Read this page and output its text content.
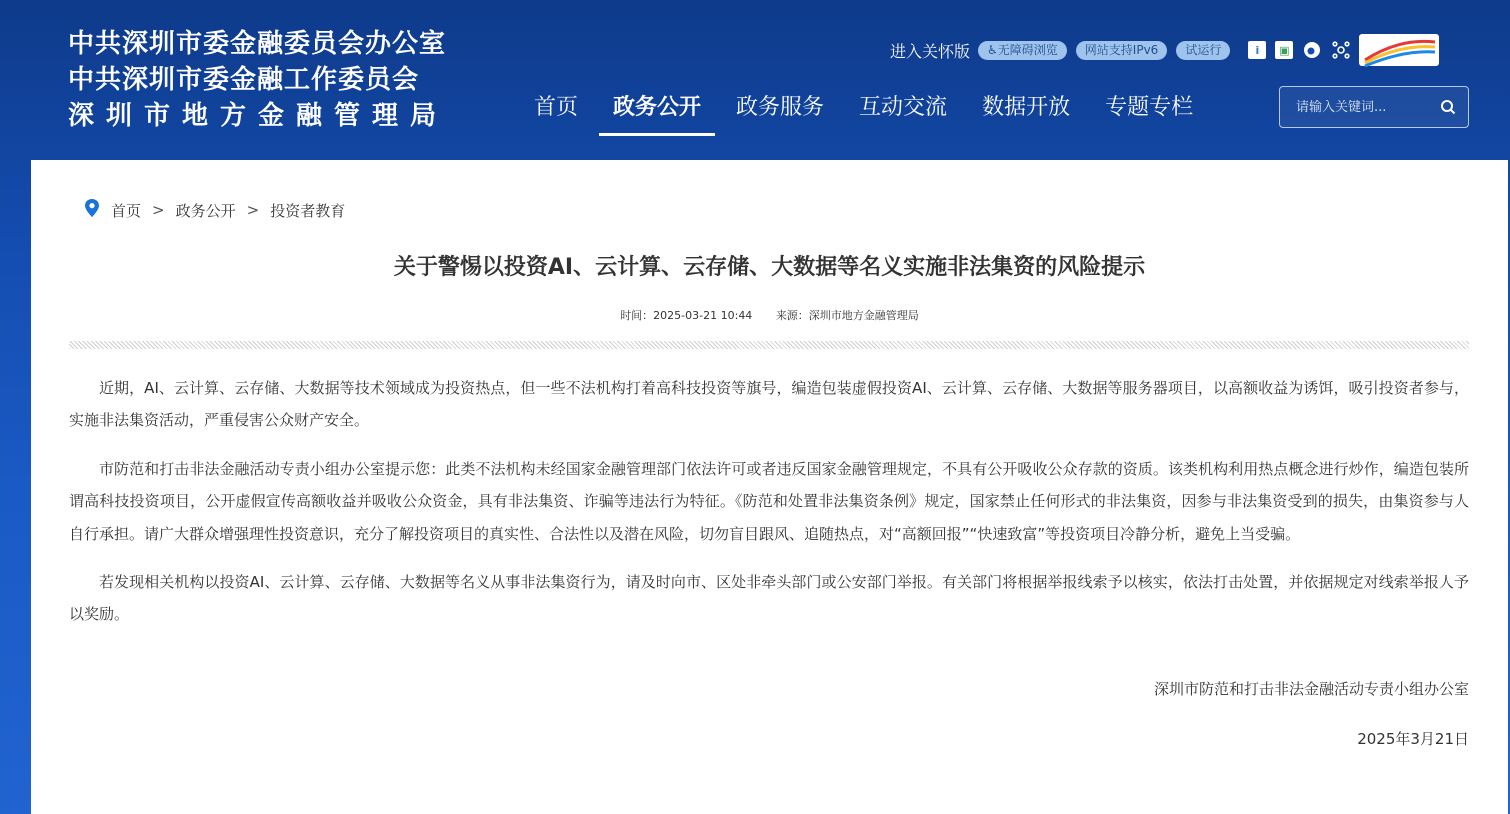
中共深圳市委金融委员会办公室
中共深圳市委金融工作委员会
深圳市地方金融管理局
进入关怀版	♿无障碍浏览	网站支持IPv6	试运行	i	▣
首页	政务公开	政务服务	互动交流	数据开放	专题专栏
请输入关键词...
首页 > 政务公开 > 投资者教育
关于警惕以投资AI、云计算、云存储、大数据等名义实施非法集资的风险提示
时间：2025-03-21 10:44 来源：深圳市地方金融管理局

近期，AI、云计算、云存储、大数据等技术领域成为投资热点，但一些不法机构打着高科技投资等旗号，编造包装虚假投资AI、云计算、云存储、大数据等服务器项目，以高额收益为诱饵，吸引投资者参与，实施非法集资活动，严重侵害公众财产安全。

市防范和打击非法金融活动专责小组办公室提示您：此类不法机构未经国家金融管理部门依法许可或者违反国家金融管理规定，不具有公开吸收公众存款的资质。该类机构利用热点概念进行炒作，编造包装所谓高科技投资项目，公开虚假宣传高额收益并吸收公众资金，具有非法集资、诈骗等违法行为特征。《防范和处置非法集资条例》规定，国家禁止任何形式的非法集资，因参与非法集资受到的损失，由集资参与人自行承担。请广大群众增强理性投资意识，充分了解投资项目的真实性、合法性以及潜在风险，切勿盲目跟风、追随热点，对“高额回报”“快速致富”等投资项目冷静分析，避免上当受骗。

若发现相关机构以投资AI、云计算、云存储、大数据等名义从事非法集资行为，请及时向市、区处非牵头部门或公安部门举报。有关部门将根据举报线索予以核实，依法打击处置，并依据规定对线索举报人予以奖励。

深圳市防范和打击非法金融活动专责小组办公室
2025年3月21日
